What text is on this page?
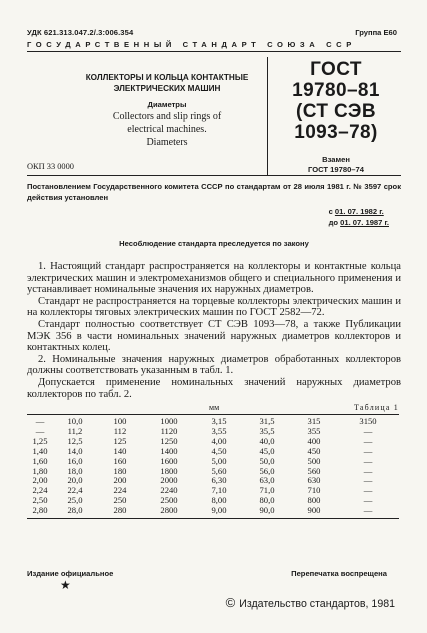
УДК 621.313.047.2/.3:006.354	Группа Е60
ГОСУДАРСТВЕННЫЙ СТАНДАРТ СОЮЗА ССР
КОЛЛЕКТОРЫ И КОЛЬЦА КОНТАКТНЫЕ
ЭЛЕКТРИЧЕСКИХ МАШИН
Диаметры
Collectors and slip rings of
electrical machines.
Diameters
ОКП 33 0000
ГОСТ
19780–81
(СТ СЭВ
1093–78)
Взамен
ГОСТ 19780–74
Постановлением Государственного комитета СССР по стандартам от 28 июля 1981 г. № 3597 срок действия установлен
с 01. 07. 1982 г.
до 01. 07. 1987 г.
Несоблюдение стандарта преследуется по закону

1. Настоящий стандарт распространяется на коллекторы и контактные кольца электрических машин и электромеханизмов общего и специального применения и устанавливает номинальные значения их наружных диаметров.

Стандарт не распространяется на торцевые коллекторы электрических машин и на коллекторы тяговых электрических машин по ГОСТ 2582—72.

Стандарт полностью соответствует СТ СЭВ 1093—78, а также Публикации МЭК 356 в части номинальных значений наружных диаметров коллекторов и контактных колец.

2. Номинальные значения наружных диаметров обработанных коллекторов должны соответствовать указанным в табл. 1.

Допускается применение номинальных значений наружных диаметров коллекторов по табл. 2.

мм	Таблица 1
—	10,0	100	1000	3,15	31,5	315	3150
—	11,2	112	1120	3,55	35,5	355	—
1,25	12,5	125	1250	4,00	40,0	400	—
1,40	14,0	140	1400	4,50	45,0	450	—
1,60	16,0	160	1600	5,00	50,0	500	—
1,80	18,0	180	1800	5,60	56,0	560	—
2,00	20,0	200	2000	6,30	63,0	630	—
2,24	22,4	224	2240	7,10	71,0	710	—
2,50	25,0	250	2500	8,00	80,0	800	—
2,80	28,0	280	2800	9,00	90,0	900	—
Издание официальное	Перепечатка воспрещена
★
© Издательство стандартов, 1981
